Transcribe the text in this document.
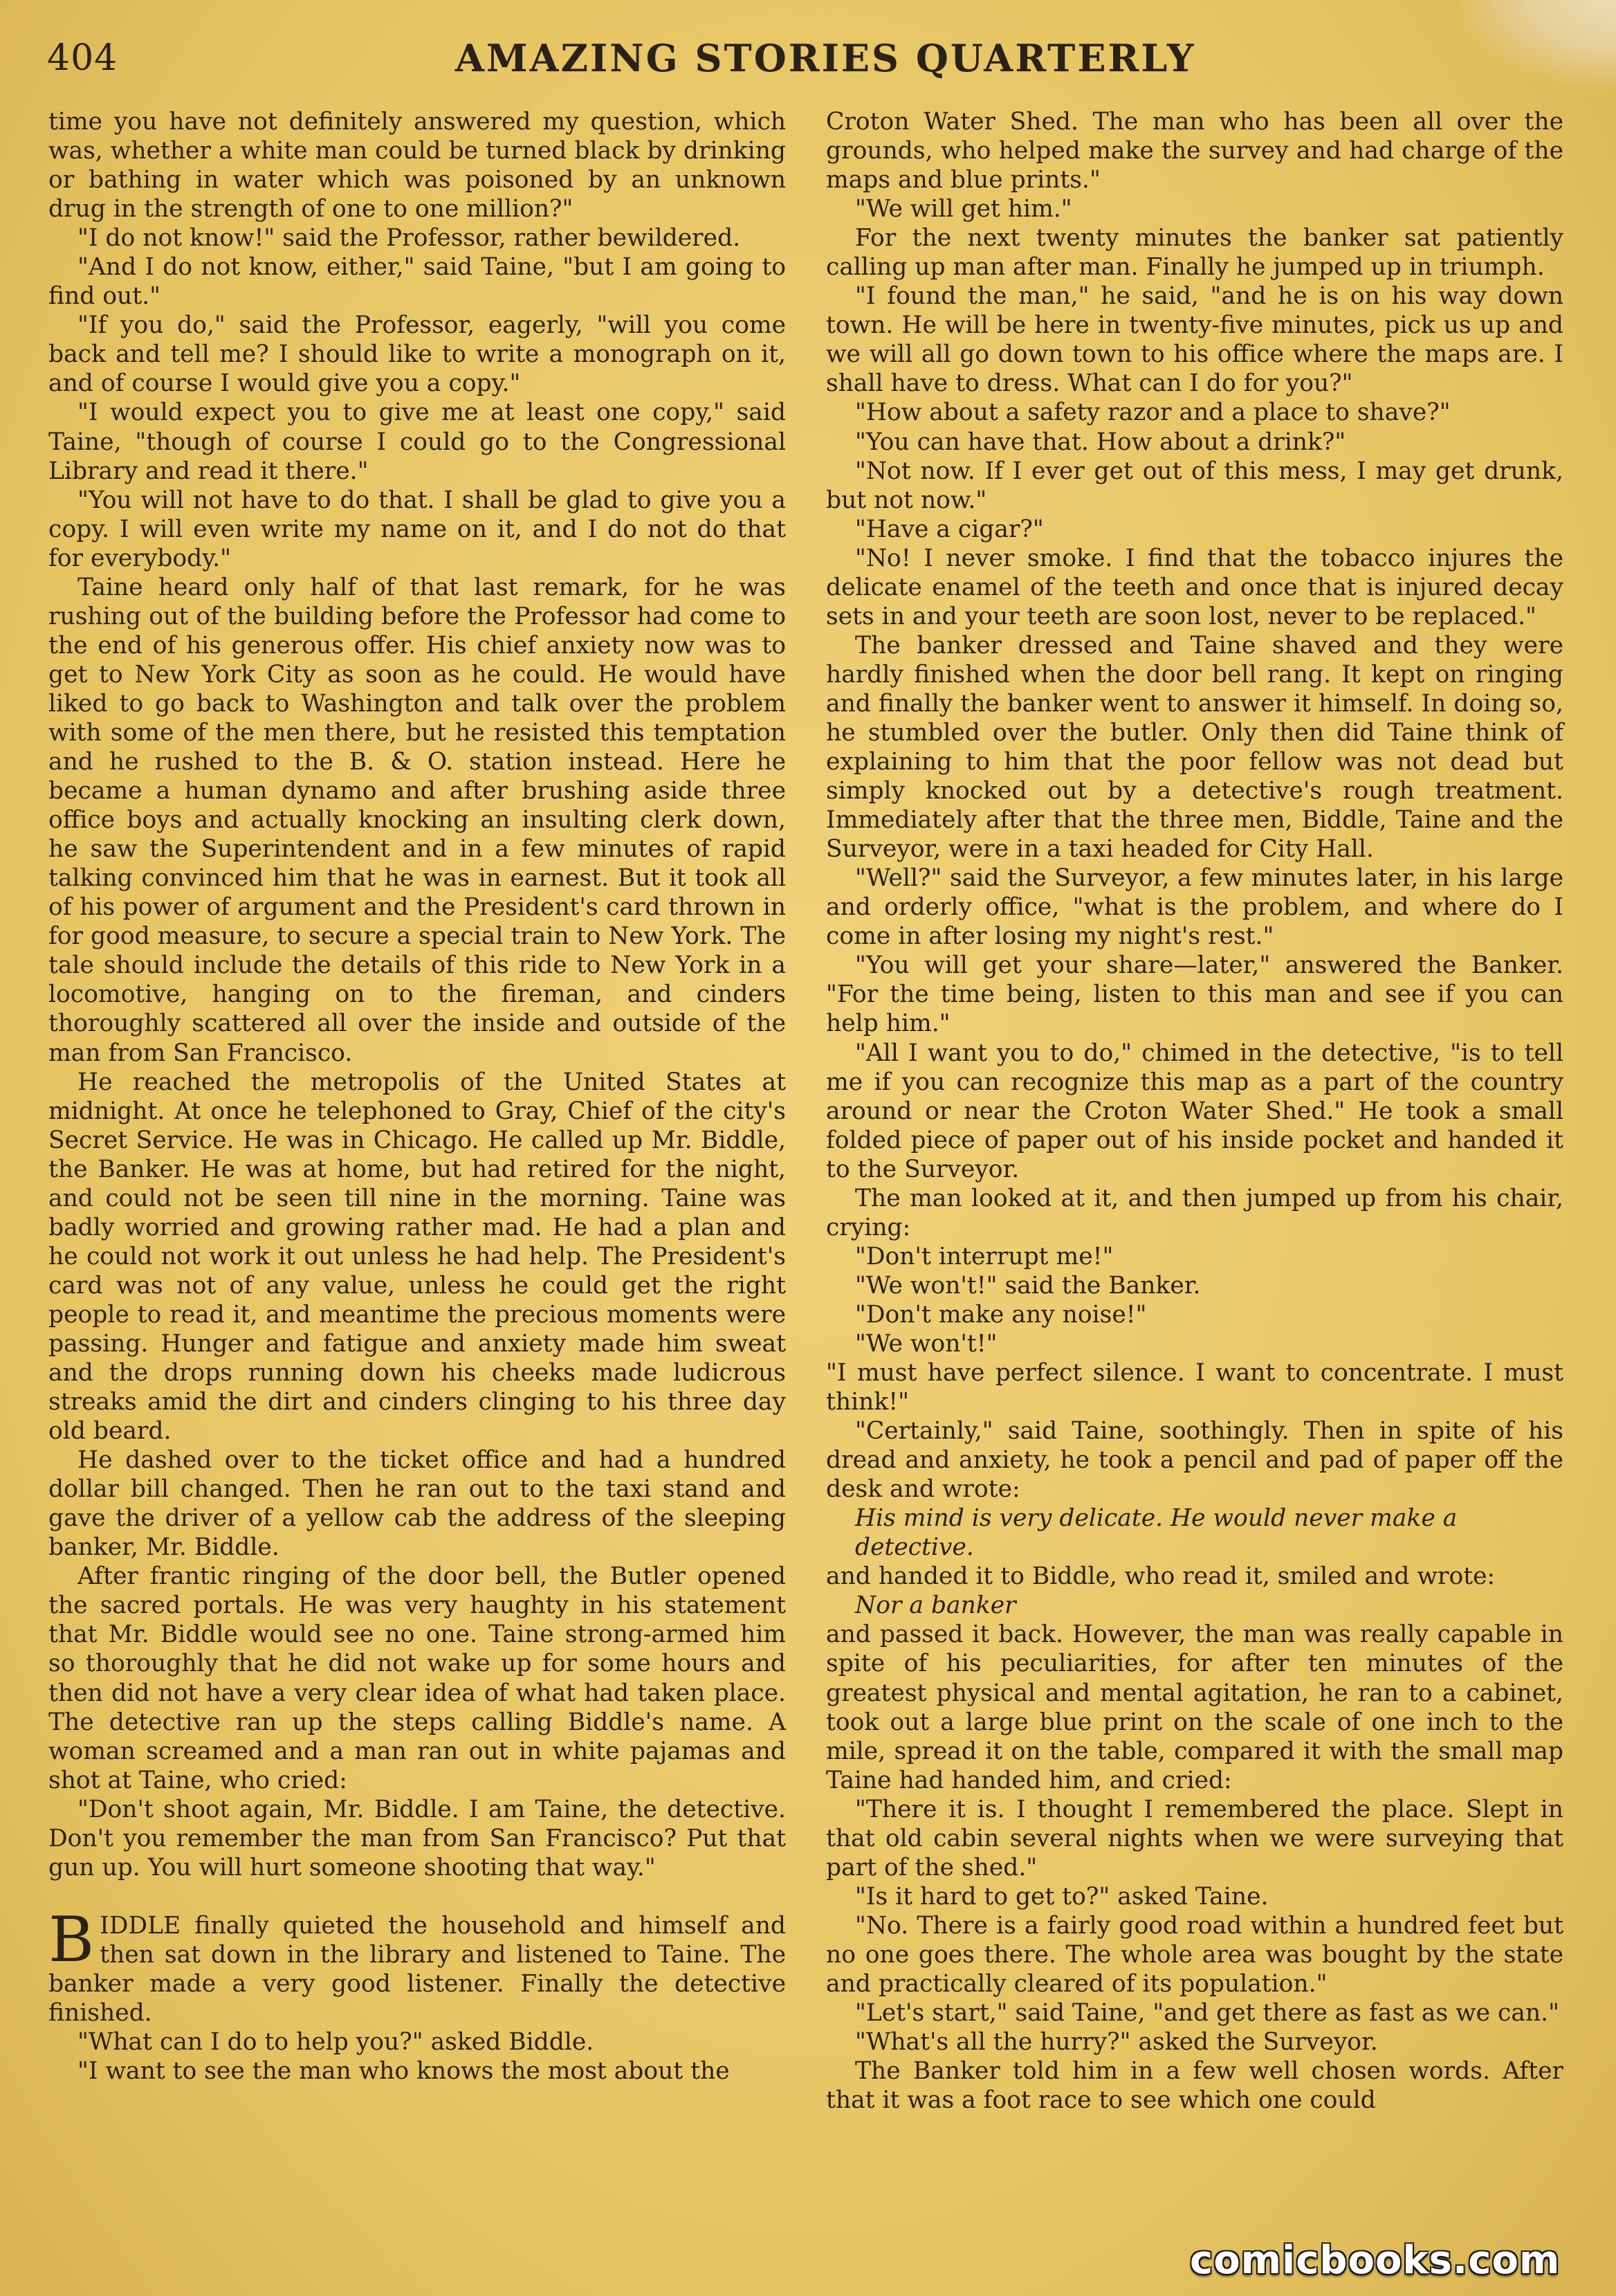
404	AMAZING STORIES QUARTERLY

time you have not definitely answered my question, which was, whether a white man could be turned black by drinking or bathing in water which was poisoned by an unknown drug in the strength of one to one million?"

"I do not know!" said the Professor, rather bewildered.

"And I do not know, either," said Taine, "but I am going to find out."

"If you do," said the Professor, eagerly, "will you come back and tell me? I should like to write a monograph on it, and of course I would give you a copy."

"I would expect you to give me at least one copy," said Taine, "though of course I could go to the Congressional Library and read it there."

"You will not have to do that. I shall be glad to give you a copy. I will even write my name on it, and I do not do that for everybody."

Taine heard only half of that last remark, for he was rushing out of the building before the Professor had come to the end of his generous offer. His chief anxiety now was to get to New York City as soon as he could. He would have liked to go back to Washington and talk over the problem with some of the men there, but he resisted this temptation and he rushed to the B. & O. station instead. Here he became a human dynamo and after brushing aside three office boys and actually knocking an insulting clerk down, he saw the Superintendent and in a few minutes of rapid talking convinced him that he was in earnest. But it took all of his power of argument and the President's card thrown in for good measure, to secure a special train to New York. The tale should include the details of this ride to New York in a locomotive, hanging on to the fireman, and cinders thoroughly scattered all over the inside and outside of the man from San Francisco.

He reached the metropolis of the United States at midnight. At once he telephoned to Gray, Chief of the city's Secret Service. He was in Chicago. He called up Mr. Biddle, the Banker. He was at home, but had retired for the night, and could not be seen till nine in the morning. Taine was badly worried and growing rather mad. He had a plan and he could not work it out unless he had help. The President's card was not of any value, unless he could get the right people to read it, and meantime the precious moments were passing. Hunger and fatigue and anxiety made him sweat and the drops running down his cheeks made ludicrous streaks amid the dirt and cinders clinging to his three day old beard.

He dashed over to the ticket office and had a hundred dollar bill changed. Then he ran out to the taxi stand and gave the driver of a yellow cab the address of the sleeping banker, Mr. Biddle.

After frantic ringing of the door bell, the Butler opened the sacred portals. He was very haughty in his statement that Mr. Biddle would see no one. Taine strong-armed him so thoroughly that he did not wake up for some hours and then did not have a very clear idea of what had taken place. The detective ran up the steps calling Biddle's name. A woman screamed and a man ran out in white pajamas and shot at Taine, who cried:

"Don't shoot again, Mr. Biddle. I am Taine, the detective. Don't you remember the man from San Francisco? Put that gun up. You will hurt someone shooting that way."

BIDDLE finally quieted the household and himself and then sat down in the library and listened to Taine. The banker made a very good listener. Finally the detective finished.

"What can I do to help you?" asked Biddle.

"I want to see the man who knows the most about the

Croton Water Shed. The man who has been all over the grounds, who helped make the survey and had charge of the maps and blue prints."

"We will get him."

For the next twenty minutes the banker sat patiently calling up man after man. Finally he jumped up in triumph.

"I found the man," he said, "and he is on his way down town. He will be here in twenty-five minutes, pick us up and we will all go down town to his office where the maps are. I shall have to dress. What can I do for you?"

"How about a safety razor and a place to shave?"

"You can have that. How about a drink?"

"Not now. If I ever get out of this mess, I may get drunk, but not now."

"Have a cigar?"

"No! I never smoke. I find that the tobacco injures the delicate enamel of the teeth and once that is injured decay sets in and your teeth are soon lost, never to be replaced."

The banker dressed and Taine shaved and they were hardly finished when the door bell rang. It kept on ringing and finally the banker went to answer it himself. In doing so, he stumbled over the butler. Only then did Taine think of explaining to him that the poor fellow was not dead but simply knocked out by a detective's rough treatment. Immediately after that the three men, Biddle, Taine and the Surveyor, were in a taxi headed for City Hall.

"Well?" said the Surveyor, a few minutes later, in his large and orderly office, "what is the problem, and where do I come in after losing my night's rest."

"You will get your share—later," answered the Banker. "For the time being, listen to this man and see if you can help him."

"All I want you to do," chimed in the detective, "is to tell me if you can recognize this map as a part of the country around or near the Croton Water Shed." He took a small folded piece of paper out of his inside pocket and handed it to the Surveyor.

The man looked at it, and then jumped up from his chair, crying:

"Don't interrupt me!"

"We won't!" said the Banker.

"Don't make any noise!"

"We won't!"

"I must have perfect silence. I want to concentrate. I must think!"

"Certainly," said Taine, soothingly. Then in spite of his dread and anxiety, he took a pencil and pad of paper off the desk and wrote:

His mind is very delicate. He would never make a detective.

and handed it to Biddle, who read it, smiled and wrote:

Nor a banker

and passed it back. However, the man was really capable in spite of his peculiarities, for after ten minutes of the greatest physical and mental agitation, he ran to a cabinet, took out a large blue print on the scale of one inch to the mile, spread it on the table, compared it with the small map Taine had handed him, and cried:

"There it is. I thought I remembered the place. Slept in that old cabin several nights when we were surveying that part of the shed."

"Is it hard to get to?" asked Taine.

"No. There is a fairly good road within a hundred feet but no one goes there. The whole area was bought by the state and practically cleared of its population."

"Let's start," said Taine, "and get there as fast as we can."

"What's all the hurry?" asked the Surveyor.

The Banker told him in a few well chosen words. After that it was a foot race to see which one could

comicbooks.com
